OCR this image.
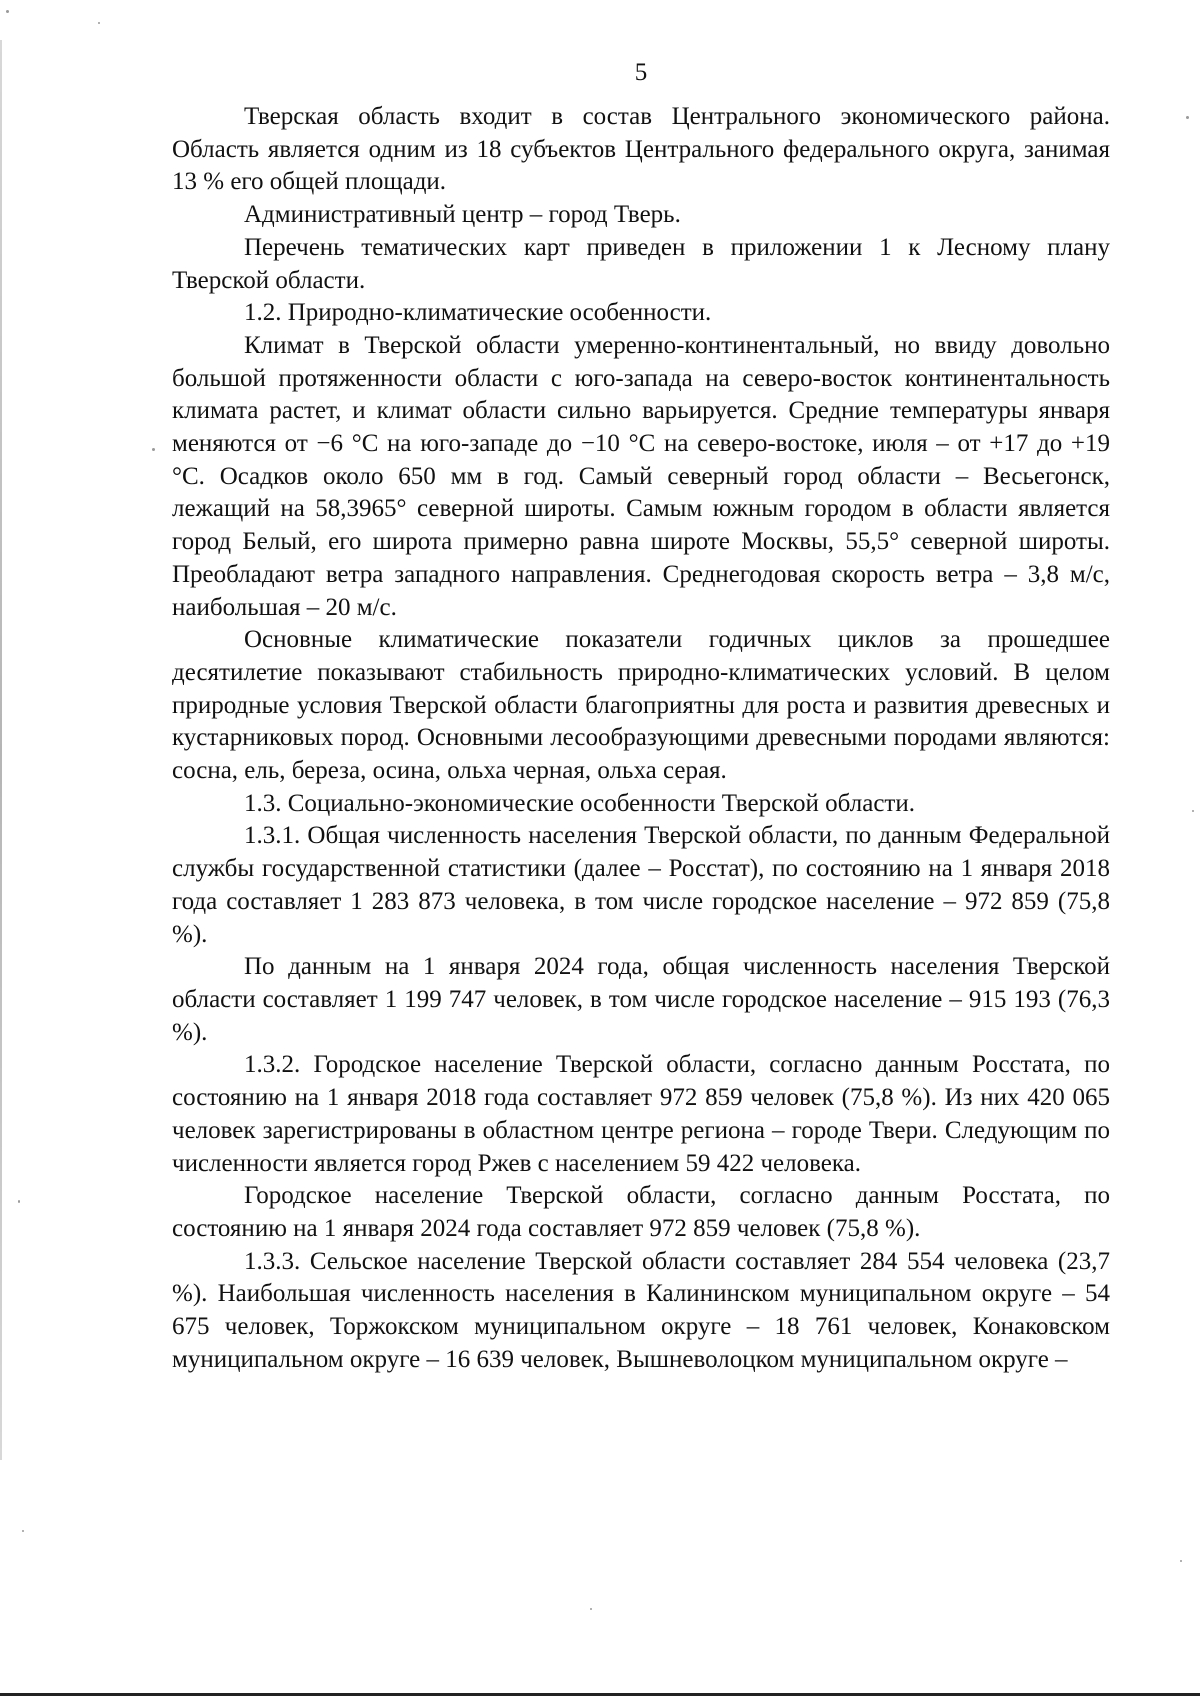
5

Тверская область входит в состав Центрального экономического района. Область является одним из 18 субъектов Центрального федерального округа, занимая 13 % его общей площади.

Административный центр – город Тверь.

Перечень тематических карт приведен в приложении 1 к Лесному плану Тверской области.

1.2. Природно-климатические особенности.

Климат в Тверской области умеренно-континентальный, но ввиду довольно большой протяженности области с юго-запада на северо-восток континентальность климата растет, и климат области сильно варьируется. Средние температуры января меняются от −6 °C на юго-западе до −10 °C на северо-востоке, июля – от +17 до +19 °C. Осадков около 650 мм в год. Самый северный город области – Весьегонск, лежащий на 58,3965° северной широты. Самым южным городом в области является город Белый, его широта примерно равна широте Москвы, 55,5° северной широты. Преобладают ветра западного направления. Среднегодовая скорость ветра – 3,8 м/с, наибольшая – 20 м/с.

Основные климатические показатели годичных циклов за прошедшее десятилетие показывают стабильность природно-климатических условий. В целом природные условия Тверской области благоприятны для роста и развития древесных и кустарниковых пород. Основными лесообразующими древесными породами являются: сосна, ель, береза, осина, ольха черная, ольха серая.

1.3. Социально-экономические особенности Тверской области.

1.3.1. Общая численность населения Тверской области, по данным Федеральной службы государственной статистики (далее – Росстат), по состоянию на 1 января 2018 года составляет 1 283 873 человека, в том числе городское население – 972 859 (75,8 %).

По данным на 1 января 2024 года, общая численность населения Тверской области составляет 1 199 747 человек, в том числе городское население – 915 193 (76,3 %).

1.3.2. Городское население Тверской области, согласно данным Росстата, по состоянию на 1 января 2018 года составляет 972 859 человек (75,8 %). Из них 420 065 человек зарегистрированы в областном центре региона – городе Твери. Следующим по численности является город Ржев с населением 59 422 человека.

Городское население Тверской области, согласно данным Росстата, по состоянию на 1 января 2024 года составляет 972 859 человек (75,8 %).

1.3.3. Сельское население Тверской области составляет 284 554 человека (23,7 %). Наибольшая численность населения в Калининском муниципальном округе – 54 675 человек, Торжокском муниципальном округе – 18 761 человек, Конаковском муниципальном округе – 16 639 человек, Вышневолоцком муниципальном округе –
